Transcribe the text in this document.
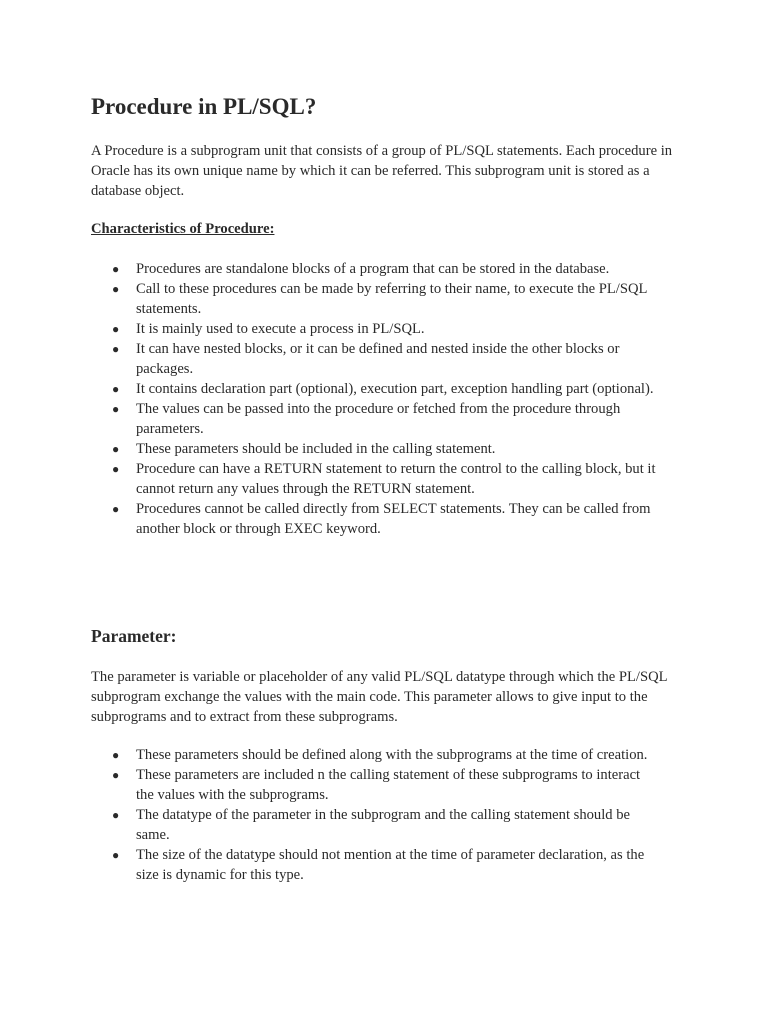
Procedure in PL/SQL?

A Procedure is a subprogram unit that consists of a group of PL/SQL statements. Each procedure in Oracle has its own unique name by which it can be referred. This subprogram unit is stored as a database object.

Characteristics of Procedure:
● Procedures are standalone blocks of a program that can be stored in the database.
● Call to these procedures can be made by referring to their name, to execute the PL/SQL statements.
● It is mainly used to execute a process in PL/SQL.
● It can have nested blocks, or it can be defined and nested inside the other blocks or packages.
● It contains declaration part (optional), execution part, exception handling part (optional).
● The values can be passed into the procedure or fetched from the procedure through parameters.
● These parameters should be included in the calling statement.
● Procedure can have a RETURN statement to return the control to the calling block, but it cannot return any values through the RETURN statement.
● Procedures cannot be called directly from SELECT statements. They can be called from another block or through EXEC keyword.
Parameter:

The parameter is variable or placeholder of any valid PL/SQL datatype through which the PL/SQL subprogram exchange the values with the main code. This parameter allows to give input to the subprograms and to extract from these subprograms.

● These parameters should be defined along with the subprograms at the time of creation.
● These parameters are included n the calling statement of these subprograms to interact the values with the subprograms.
● The datatype of the parameter in the subprogram and the calling statement should be same.
● The size of the datatype should not mention at the time of parameter declaration, as the size is dynamic for this type.
